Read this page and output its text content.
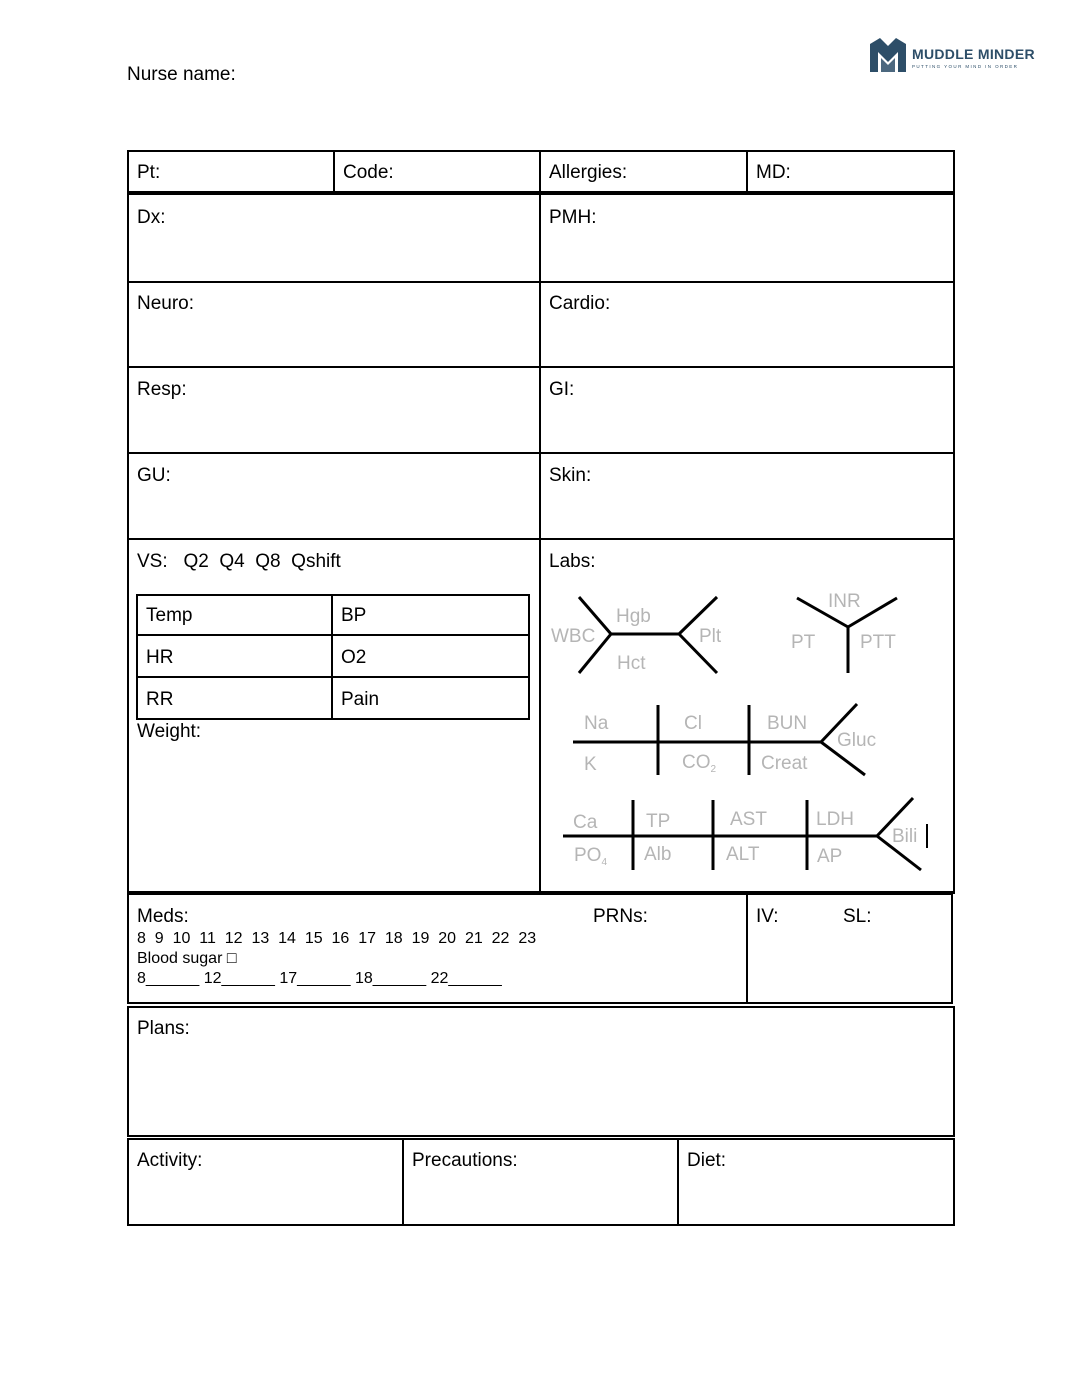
Nurse name:
MUDDLE MINDER
PUTTING YOUR MIND IN ORDER
Pt:	Code:	Allergies:	MD:
Dx:	PMH:
Neuro:	Cardio:
Resp:	GI:
GU:	Skin:
VS:   Q2  Q4  Q8  Qshift
Temp	BP
HR	O2
RR	Pain
Weight:
Labs:
WBC
Hgb
Hct
Plt
INR
PT PTT
Na
K
Cl
$CO_2$
BUN
Creat
Gluc
Ca
$PO_4$
TP
Alb
AST
ALT
LDH
AP
Bili
Meds:
8  9  10  11  12  13  14  15  16  17  18  19  20  21  22  23
Blood sugar □
8______ 12______ 17______ 18______ 22______
PRNs:	IV:	SL:
Plans:
Activity:	Precautions:	Diet:
